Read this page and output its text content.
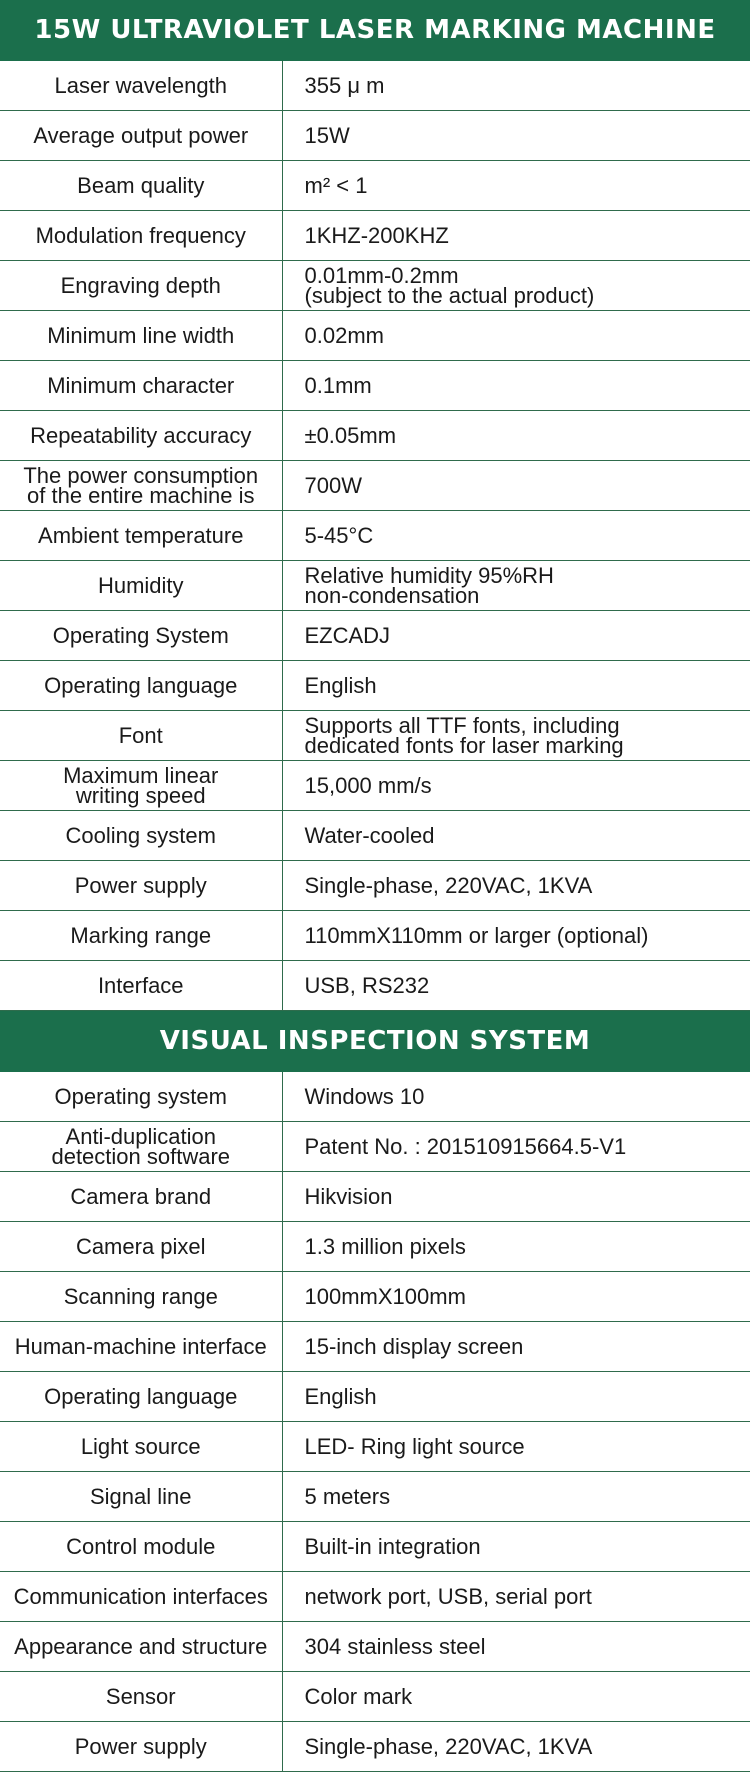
15W ULTRAVIOLET LASER MARKING MACHINE
Laser wavelength	355 μ m
Average output power	15W
Beam quality	m² < 1
Modulation frequency	1KHZ-200KHZ
Engraving depth	0.01mm-0.2mm
(subject to the actual product)
Minimum line width	0.02mm
Minimum character	0.1mm
Repeatability accuracy	±0.05mm
The power consumption
of the entire machine is	700W
Ambient temperature	5-45°C
Humidity	Relative humidity 95%RH
non-condensation
Operating System	EZCADJ
Operating language	English
Font	Supports all TTF fonts, including
dedicated fonts for laser marking
Maximum linear
writing speed	15,000 mm/s
Cooling system	Water-cooled
Power supply	Single-phase, 220VAC, 1KVA
Marking range	110mmX110mm or larger (optional)
Interface	USB, RS232
VISUAL INSPECTION SYSTEM
Operating system	Windows 10
Anti-duplication
detection software	Patent No. : 201510915664.5-V1
Camera brand	Hikvision
Camera pixel	1.3 million pixels
Scanning range	100mmX100mm
Human-machine interface	15-inch display screen
Operating language	English
Light source	LED- Ring light source
Signal line	5 meters
Control module	Built-in integration
Communication interfaces	network port, USB, serial port
Appearance and structure	304 stainless steel
Sensor	Color mark
Power supply	Single-phase, 220VAC, 1KVA
